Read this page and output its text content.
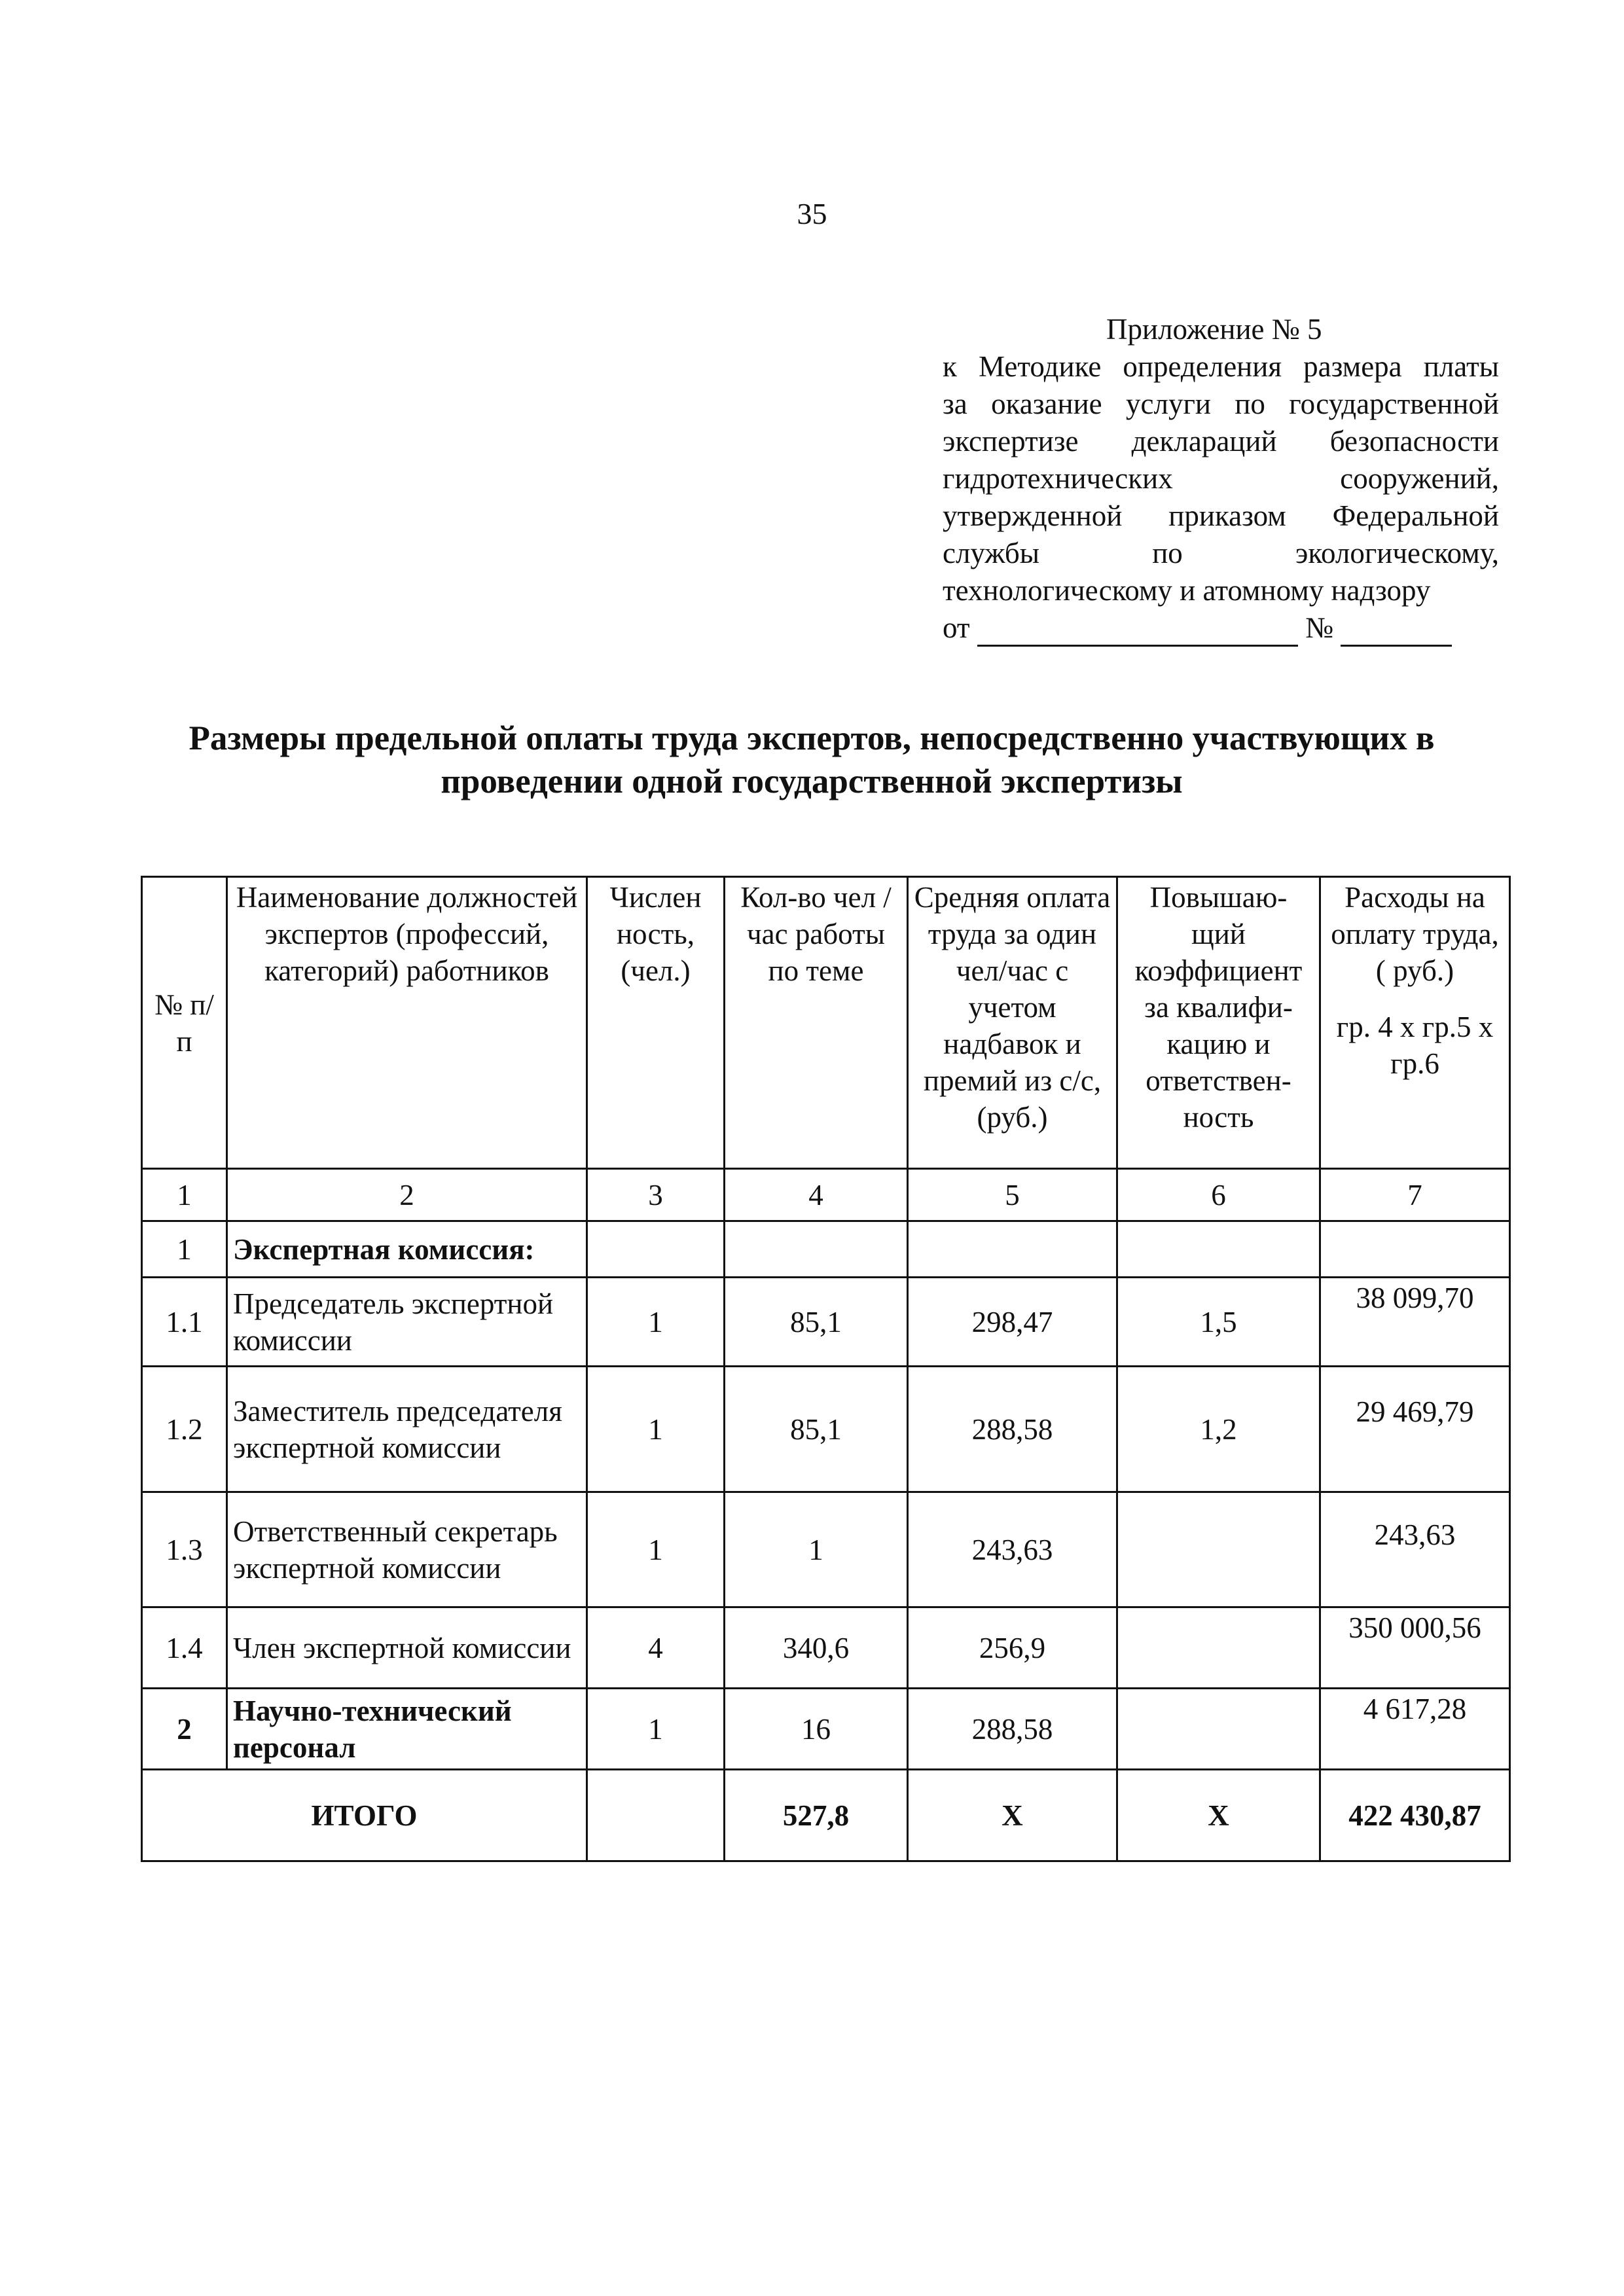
35
Приложение № 5
к Методике определения размера платы
за оказание услуги по государственной
экспертизе деклараций безопасности
гидротехнических сооружений,
утвержденной приказом Федеральной
службы по экологическому,
технологическому и атомному надзору
от	№
Размеры предельной оплаты труда экспертов, непосредственно участвующих в
проведении одной государственной экспертизы
№ п/п	Наименование должностей экспертов (профессий, категорий) работников	Числен ность, (чел.)	Кол-во чел /час работы по теме	Средняя оплата труда за один чел/час с учетом надбавок и премий из с/с, (руб.)	Повышаю-щий коэффициент за квалифи-кацию и ответствен-ность	Расходы на оплату труда, ( руб.)
гр. 4 х гр.5 х гр.6

1	2	3	4	5	6	7
1	Экспертная комиссия:					
1.1	Председатель экспертной комиссии	1	85,1	298,47	1,5	38 099,70
1.2	Заместитель председателя экспертной комиссии	1	85,1	288,58	1,2	29 469,79
1.3	Ответственный секретарь экспертной комиссии	1	1	243,63		243,63
1.4	Член экспертной комиссии	4	340,6	256,9		350 000,56
2	Научно-технический персонал	1	16	288,58		4 617,28
ИТОГО			527,8	Х	Х	422 430,87
